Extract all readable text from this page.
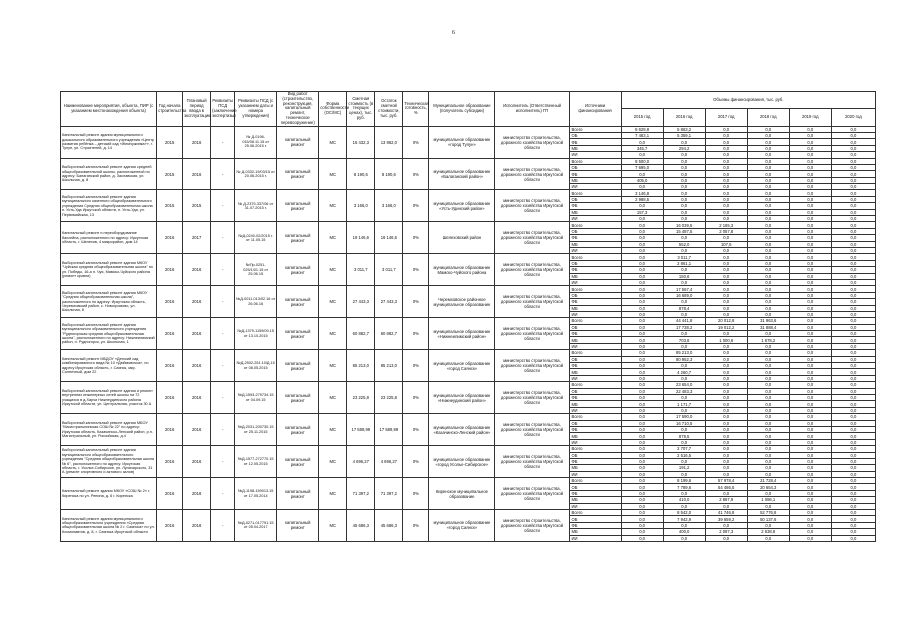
6
Наименование мероприятия, объекта, ПИР (с указанием местонахождения объекта)	Год начала строительства	Плановый период ввода в эксплуатацию	Реквизиты ПСД (заключение экспертизы)	Реквизиты ПСД (с указанием даты и номера утверждения)	Вид работ (строительство, реконструкция, капитальный ремонт, техническое перевооружение)	Форма собственности (ОС/МС)	Сметная стоимость (в текущих ценах), тыс. руб.	Остаток сметной стоимости, тыс. руб.	Техническая готовность, %	Муниципальное образование (получатель субсидии)	Исполнитель (Ответственный исполнитель) ГП	Источники финансирования	Объемы финансирования, тыс. руб.					
													2015 год	2016 год	2017 год	2018 год	2019 год	2020 год
Капитальный ремонт здания муниципального дошкольного образовательного учреждения «Центр развития ребёнка – детский сад «Жемчужинка»», г. Тулун, ул. Строителей, д. 14	2015	2016	-	№ Д-0196-015/08.11.15 от 25.06.2015 г.	капитальный ремонт	МС	15 432,3	13 962,0	0%	муниципальное образование «город Тулун»	министерство строительства, дорожного хозяйства Иркутской области	Всего	8 628,8	5 863,2	0,0	0,0	0,0	0,0
												ОБ	7 483,1	5 359,1	0,0	0,0	0,0	0,0
												ФБ	0,0	0,0	0,0	0,0	0,0	0,0
												МБ	345,7	294,2	0,0	0,0	0,0	0,0
												ИИ	0,0	0,0	0,0	0,0	0,0	0,0
Выборочный капитальный ремонт здания средней общеобразовательной школы, расположенной по адресу: Балаганский район, д. Заславская, ул. Школьная, д. 8	2015	2016	-	№ Д-0332-19/03/15 от 20.06.2015 г.	капитальный ремонт	МС	8 190,6	8 190,6	0%	муниципальное образование «Балаганский район»	министерство строительства, дорожного хозяйства Иркутской области	Всего	8 500,0	0,0	0,0	0,0	0,0	0,0
												ОБ	7 695,0	0,0	0,0	0,0	0,0	0,0
												ФБ	0,0	0,0	0,0	0,0	0,0	0,0
												МБ	405,0	0,0	0,0	0,0	0,0	0,0
												ИИ	0,0	0,0	0,0	0,0	0,0	0,0
Выборочный капитальный ремонт здания муниципального казенного общеобразовательного учреждения Средняя общеобразовательная школа п. Усть-Уда Иркутской области, п. Усть-Уда, ул. Первомайская, 13	2015	2015	-	№ Д-2379-337/06 от 31.07.2015 г.	капитальный ремонт	МС	3 166,0	3 166,0	0%	муниципальное образование «Усть-Удинский район»	министерство строительства, дорожного хозяйства Иркутской области	Всего	3 146,8	0,0	0,0	0,0	0,0	0,0
												ОБ	2 988,5	0,0	0,0	0,0	0,0	0,0
												ФБ	0,0	0,0	0,0	0,0	0,0	0,0
												МБ	157,3	0,0	0,0	0,0	0,0	0,0
												ИИ	0,0	0,0	0,0	0,0	0,0	0,0
Капитальный ремонт и переоборудование бассейна, расположенного по адресу: Иркутская область, г. Шелехов, 4 микрорайон, дом 14	2016	2017	-	№Д-0240-02/2015 г. от 11.05.15	капитальный ремонт	МС	19 146,6	19 146,6	0%	Шелеховский район	министерство строительства, дорожного хозяйства Иркутской области	Всего	0,0	16 039,5	2 165,3	0,0	0,0	0,0
												ОБ	0,0	15 487,5	2 057,8	0,0	0,0	0,0
												ФБ	0,0	0,0	0,0	0,0	0,0	0,0
												МБ	0,0	552,0	107,5	0,0	0,0	0,0
												ИИ	0,0	0,0	0,0	0,0	0,0	0,0
Выборочный капитальный ремонт здания МКОУ "Чуйская средняя общеобразовательная школа" по ул. Победы, 16-а п. Чуя, Мамско-Чуйского района (ремонт кровли)	2016	2016	-	№Пр-0251-025/1/01.15 от 25.06.15	капитальный ремонт	МС	3 011,7	3 011,7	0%	муниципальное образование Мамско-Чуйского района	министерство строительства, дорожного хозяйства Иркутской области	Всего	0,0	3 011,7	0,0	0,0	0,0	0,0
												ОБ	0,0	2 861,1	0,0	0,0	0,0	0,0
												ФБ	0,0	0,0	0,0	0,0	0,0	0,0
												МБ	0,0	150,6	0,0	0,0	0,0	0,0
												ИИ	0,0	0,0	0,0	0,0	0,0	0,0
Выборочный капитальный ремонт здания МКОУ "Средняя общеобразовательная школа", расположенного по адресу: Иркутская область, Черемховский район, с. Новогромово, ул. Школьная, 8	2016	2016	-	№Д-0011-013/02.16 от 26.06.16	капитальный ремонт	МС	27 443,3	27 443,3	0%	Черемховское районное муниципальное образование	министерство строительства, дорожного хозяйства Иркутской области	Всего	0,0	17 567,4	0,0	0,0	0,0	0,0
												ОБ	0,0	16 689,0	0,0	0,0	0,0	0,0
												ФБ	0,0	0,0	0,0	0,0	0,0	0,0
												МБ	0,0	878,4	0,0	0,0	0,0	0,0
												ИИ	0,0	0,0	0,0	0,0	0,0	0,0
Выборочный капитальный ремонт здания муниципального образовательного учреждения "Рудногорская средняя общеобразовательная школа", расположенного по адресу: Нижнеилимский район, п. Рудногорск, ул. Школьная, 1	2016	2016	-	№Д-1379-1159/09.15 от 13.10.2015	капитальный ремонт	МС	60 882,7	60 882,7	0%	муниципальное образование «Нижнеилимский район»	министерство строительства, дорожного хозяйства Иркутской области	Всего	0,0	44 441,8	20 012,8	31 963,6	0,0	0,0
												ОБ	0,0	17 738,2	19 012,2	31 888,4	0,0	0,0
												ФБ	0,0	0,0	0,0	0,0	0,0	0,0
												МБ	0,0	703,6	1 000,6	1 678,2	0,0	0,0
												ИИ	0,0	0,0	0,0	0,0	0,0	0,0
Капитальный ремонт МБДОУ «Детский сад комбинированного вида № 10 «Дюймовочка», по адресу Иркутская область, г. Саянск, мкр. Солнечный, дом 22	2016	2016	-	№Д-2502-251.10/Д.15 от 08.05.2015	капитальный ремонт	МС	85 213,0	85 213,0	0%	муниципальное образование «город Саянск»	министерство строительства, дорожного хозяйства Иркутской области	Всего	0,0	85 213,0	0,0	0,0	0,0	0,0
												ОБ	0,0	80 952,3	0,0	0,0	0,0	0,0
												ФБ	0,0	0,0	0,0	0,0	0,0	0,0
												МБ	0,0	4 260,7	0,0	0,0	0,0	0,0
												ИИ	0,0	0,0	0,0	0,0	0,0	0,0
Выборочный капитальный ремонт здания и ремонт внутренних инженерных сетей школы на 72 учащихся в д.Харчи Нижнеудинского района Иркутской области, ул. Центральная, участок 30 А	2016	2016	-	№Д-1593-279734.15 от 04.09.15	капитальный ремонт	МС	23 225,8	23 225,8	0%	муниципальное образование «Нижнеудинский район»	министерство строительства, дорожного хозяйства Иркутской области	Всего	0,0	23 654,0	0,0	0,0	0,0	0,0
												ОБ	0,0	22 483,3	0,0	0,0	0,0	0,0
												ФБ	0,0	0,0	0,0	0,0	0,0	0,0
												МБ	0,0	1 171,7	0,0	0,0	0,0	0,0
												ИИ	0,0	0,0	0,0	0,0	0,0	0,0
Выборочный капитальный ремонт здания МБОУ "Магистральнинская СОШ № 22" по адресу: Иркутская область, Казачинско-Ленский район, р.п. Магистральный, ул. Российская, д.4	2016	2016	-	№Д-2031-200730.15 от 25.11.2015	капитальный ремонт	МС	17 589,99	17 589,99	0%	муниципальное образование «Казачинско-Ленский район»	министерство строительства, дорожного хозяйства Иркутской области	Всего	0,0	17 590,0	0,0	0,0	0,0	0,0
												ОБ	0,0	16 710,5	0,0	0,0	0,0	0,0
												ФБ	0,0	0,0	0,0	0,0	0,0	0,0
												МБ	0,0	879,5	0,0	0,0	0,0	0,0
												ИИ	0,0	0,0	0,0	0,0	0,0	0,0
Выборочный капитальный ремонт здания муниципального общеобразовательного учреждения "Средняя общеобразовательная школа № 6", расположенного по адресу: Иркутская область, г. Усолье-Сибирское, ул. Луначарского, 31 А (ремонт спортивного и актового залов)	2016	2016	-	№Д-1577-272770.15 от 12.05.2015	капитальный ремонт	МС	4 696,27	4 696,27	0%	муниципальное образование «город Усолье-Сибирское»	министерство строительства, дорожного хозяйства Иркутской области	Всего	0,0	2 707,7	0,0	0,0	0,0	0,0
												ОБ	0,0	2 516,5	0,0	0,0	0,0	0,0
												ФБ	0,0	0,0	0,0	0,0	0,0	0,0
												МБ	0,0	191,2	0,0	0,0	0,0	0,0
												ИИ	0,0	0,0	0,0	0,0	0,0	0,0
Капитальный ремонт здания МКОУ «СОШ № 2» г. Киренска по ул. Репина, д. 6 г. Киренска	2016	2018	-	№Д-1198-159013.15 от 17.05.2014	капитальный ремонт	МС	71 397,2	71 397,2	0%	Киренское муниципальное образование	министерство строительства, дорожного хозяйства Иркутской области	Всего	0,0	8 199,6	57 978,4	21 728,4	0,0	0,0
												ОБ	0,0	7 789,6	54 486,5	20 654,3	0,0	0,0
												ФБ	0,0	0,0	0,0	0,0	0,0	0,0
												МБ	0,0	410,0	2 867,9	1 086,1	0,0	0,0
												ИИ	0,0	0,0	0,0	0,0	0,0	0,0
Капитальный ремонт здания муниципального общеобразовательного учреждения «Средняя общеобразовательная школа № 2 г. Саянска» по ул. Космонавтов, д. 8, г. Саянска Иркутской области	2016	2018	-	№Д-0271-017791.15 от 05.04.2017	капитальный ремонт	МС	45 686,3	45 686,3	0%	муниципальное образование «город Саянск»	министерство строительства, дорожного хозяйства Иркутской области	Всего	0,0	8 542,0	41 746,8	52 776,8	0,0	0,0
												ОБ	0,0	7 942,9	39 659,2	50 137,6	0,0	0,0
												ФБ	0,0	0,0	0,0	0,0	0,0	0,0
												МБ	0,0	400,0	2 087,3	2 638,8	0,0	0,0
												ИИ	0,0	0,0	0,0	0,0	0,0	0,0
